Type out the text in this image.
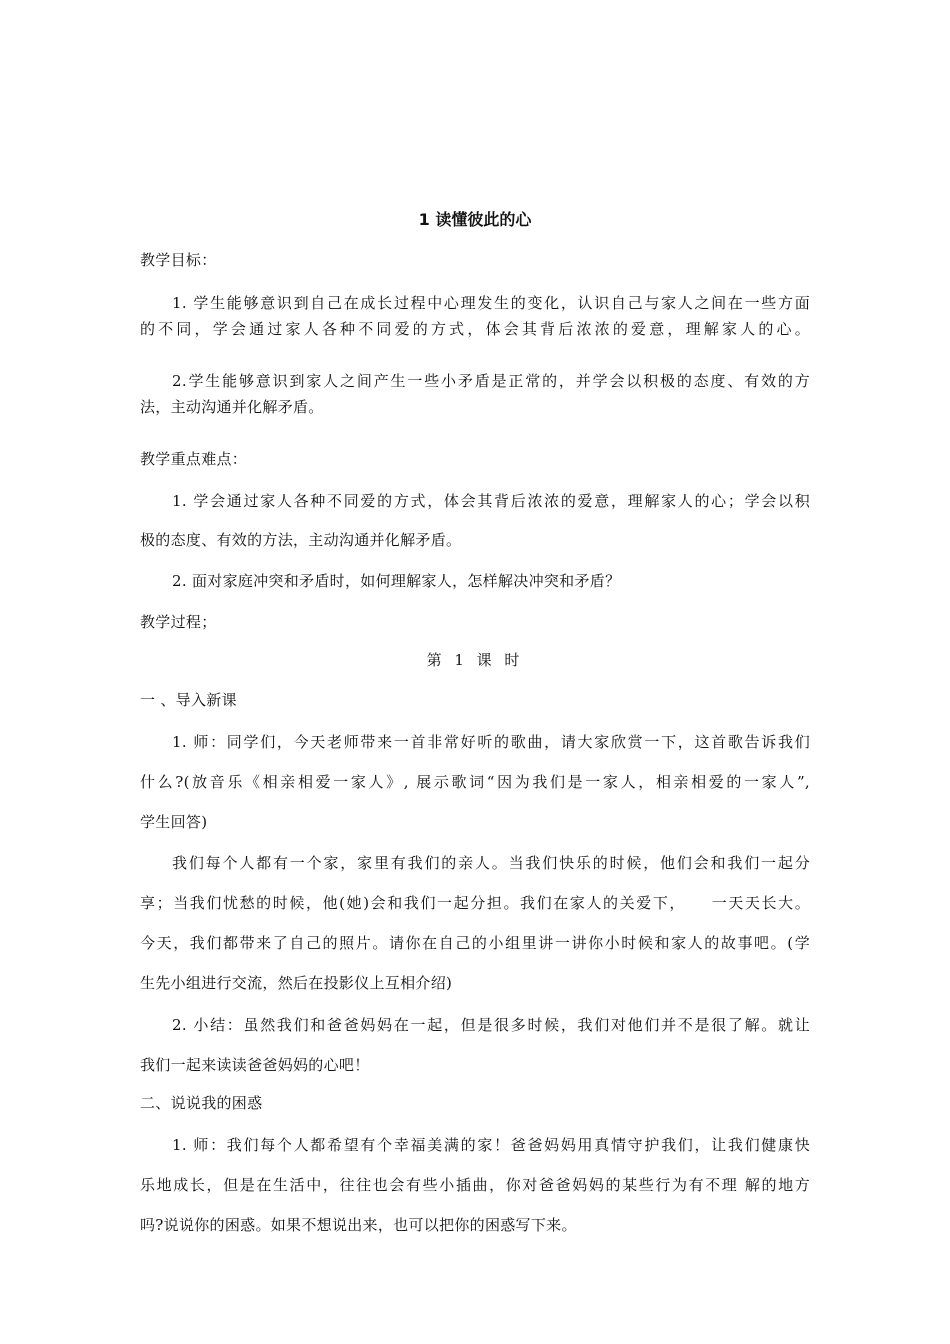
1 读懂彼此的心
教学目标：
1. 学生能够意识到自己在成长过程中心理发生的变化，认识自己与家人之间在一些方面
的不同，学会通过家人各种不同爱的方式，体会其背后浓浓的爱意，理解家人的心。
2.学生能够意识到家人之间产生一些小矛盾是正常的，并学会以积极的态度、有效的方
法，主动沟通并化解矛盾。
教学重点难点：
1. 学会通过家人各种不同爱的方式，体会其背后浓浓的爱意，理解家人的心；学会以积
极的态度、有效的方法，主动沟通并化解矛盾。
2. 面对家庭冲突和矛盾时，如何理解家人，怎样解决冲突和矛盾？
教学过程；
第 1 课 时
一 、导入新课
1. 师：同学们，今天老师带来一首非常好听的歌曲，请大家欣赏一下，这首歌告诉我们
什么?(放音乐《相亲相爱一家人》, 展示歌词“因为我们是一家人，相亲相爱的一家人”,
学生回答)
我们每个人都有一个家，家里有我们的亲人。当我们快乐的时候，他们会和我们一起分
享；当我们忧愁的时候，他(她)会和我们一起分担。我们在家人的关爱下，　　一天天长大。
今天，我们都带来了自己的照片。请你在自己的小组里讲一讲你小时候和家人的故事吧。(学
生先小组进行交流，然后在投影仪上互相介绍)
2. 小结：虽然我们和爸爸妈妈在一起，但是很多时候，我们对他们并不是很了解。就让
我们一起来读读爸爸妈妈的心吧！
二、说说我的困惑
1. 师：我们每个人都希望有个幸福美满的家！爸爸妈妈用真情守护我们，让我们健康快
乐地成长，但是在生活中，往往也会有些小插曲，你对爸爸妈妈的某些行为有不理 解的地方
吗?说说你的困惑。如果不想说出来，也可以把你的困惑写下来。
